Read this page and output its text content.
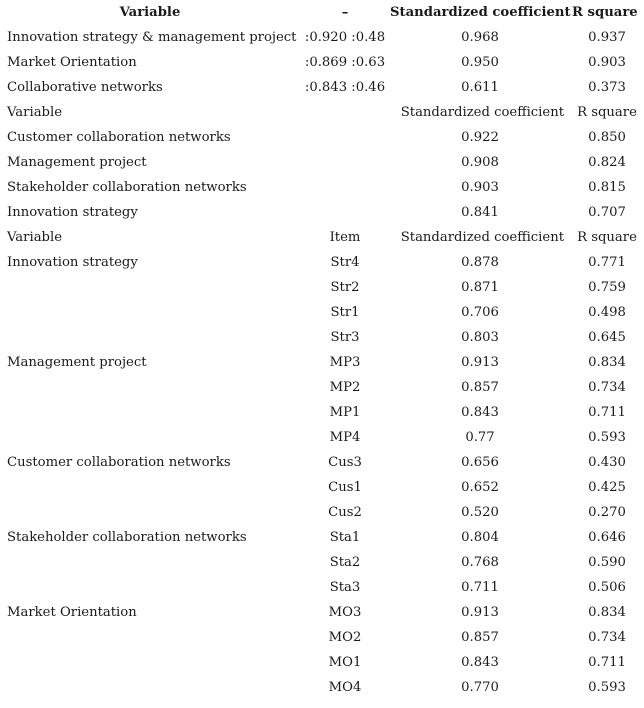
Variable	–	Standardized coefficient	R square
Innovation strategy & management project	:0.920 :0.48	0.968	0.937
Market Orientation	:0.869 :0.63	0.950	0.903
Collaborative networks	:0.843 :0.46	0.611	0.373
Variable		Standardized coefficient	R square
Customer collaboration networks		0.922	0.850
Management project		0.908	0.824
Stakeholder collaboration networks		0.903	0.815
Innovation strategy		0.841	0.707
Variable	Item	Standardized coefficient	R square
Innovation strategy	Str4	0.878	0.771
	Str2	0.871	0.759
	Str1	0.706	0.498
	Str3	0.803	0.645
Management project	MP3	0.913	0.834
	MP2	0.857	0.734
	MP1	0.843	0.711
	MP4	0.77	0.593
Customer collaboration networks	Cus3	0.656	0.430
	Cus1	0.652	0.425
	Cus2	0.520	0.270
Stakeholder collaboration networks	Sta1	0.804	0.646
	Sta2	0.768	0.590
	Sta3	0.711	0.506
Market Orientation	MO3	0.913	0.834
	MO2	0.857	0.734
	MO1	0.843	0.711
	MO4	0.770	0.593
